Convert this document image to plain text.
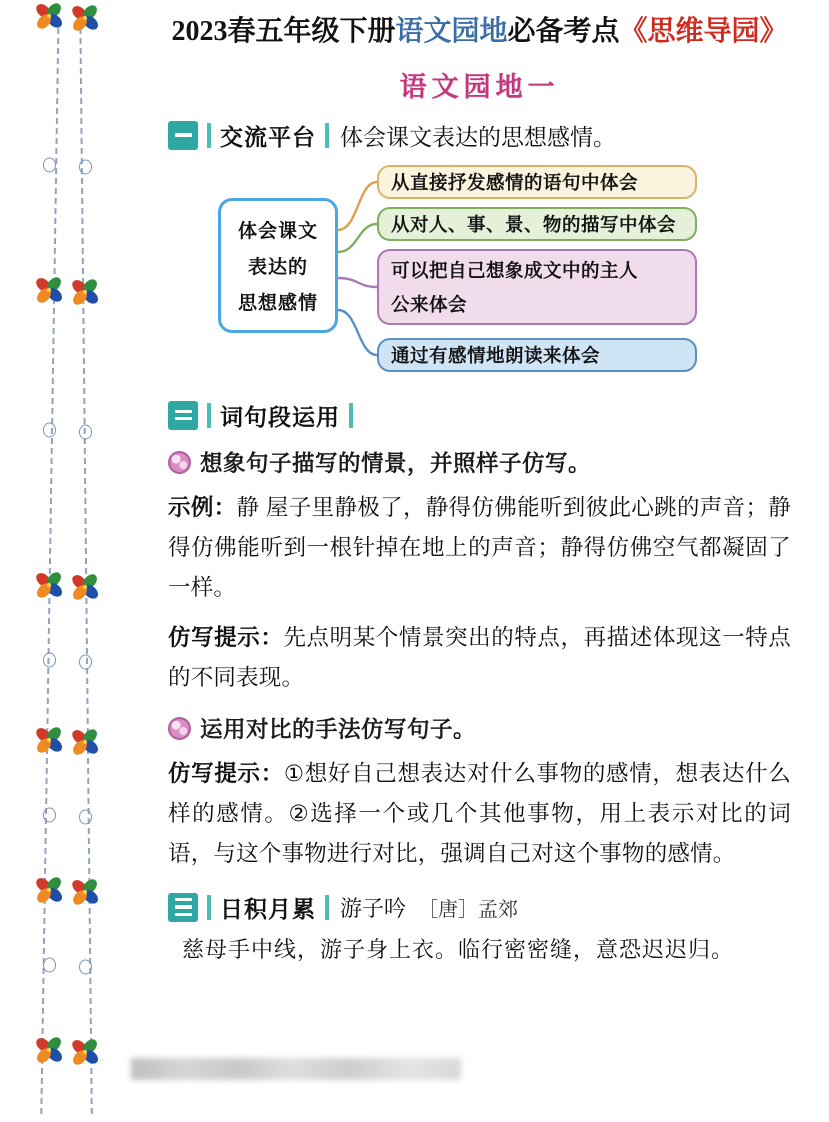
2023春五年级下册语文园地必备考点《思维导园》
语文园地一
交流平台 体会课文表达的思想感情。
体会课文
表达的
思想感情
从直接抒发感情的语句中体会
从对人、事、景、物的描写中体会
可以把自己想象成文中的主人
公来体会
通过有感情地朗读来体会
词句段运用
想象句子描写的情景，并照样子仿写。

示例：静 屋子里静极了，静得仿佛能听到彼此心跳的声音；静得仿佛能听到一根针掉在地上的声音；静得仿佛空气都凝固了一样。

仿写提示：先点明某个情景突出的特点，再描述体现这一特点的不同表现。

运用对比的手法仿写句子。

仿写提示：①想好自己想表达对什么事物的感情，想表达什么样的感情。②选择一个或几个其他事物，用上表示对比的词语，与这个事物进行对比，强调自己对这个事物的感情。

日积月累 游子吟 ［唐］孟郊
慈母手中线，游子身上衣。临行密密缝，意恐迟迟归。
